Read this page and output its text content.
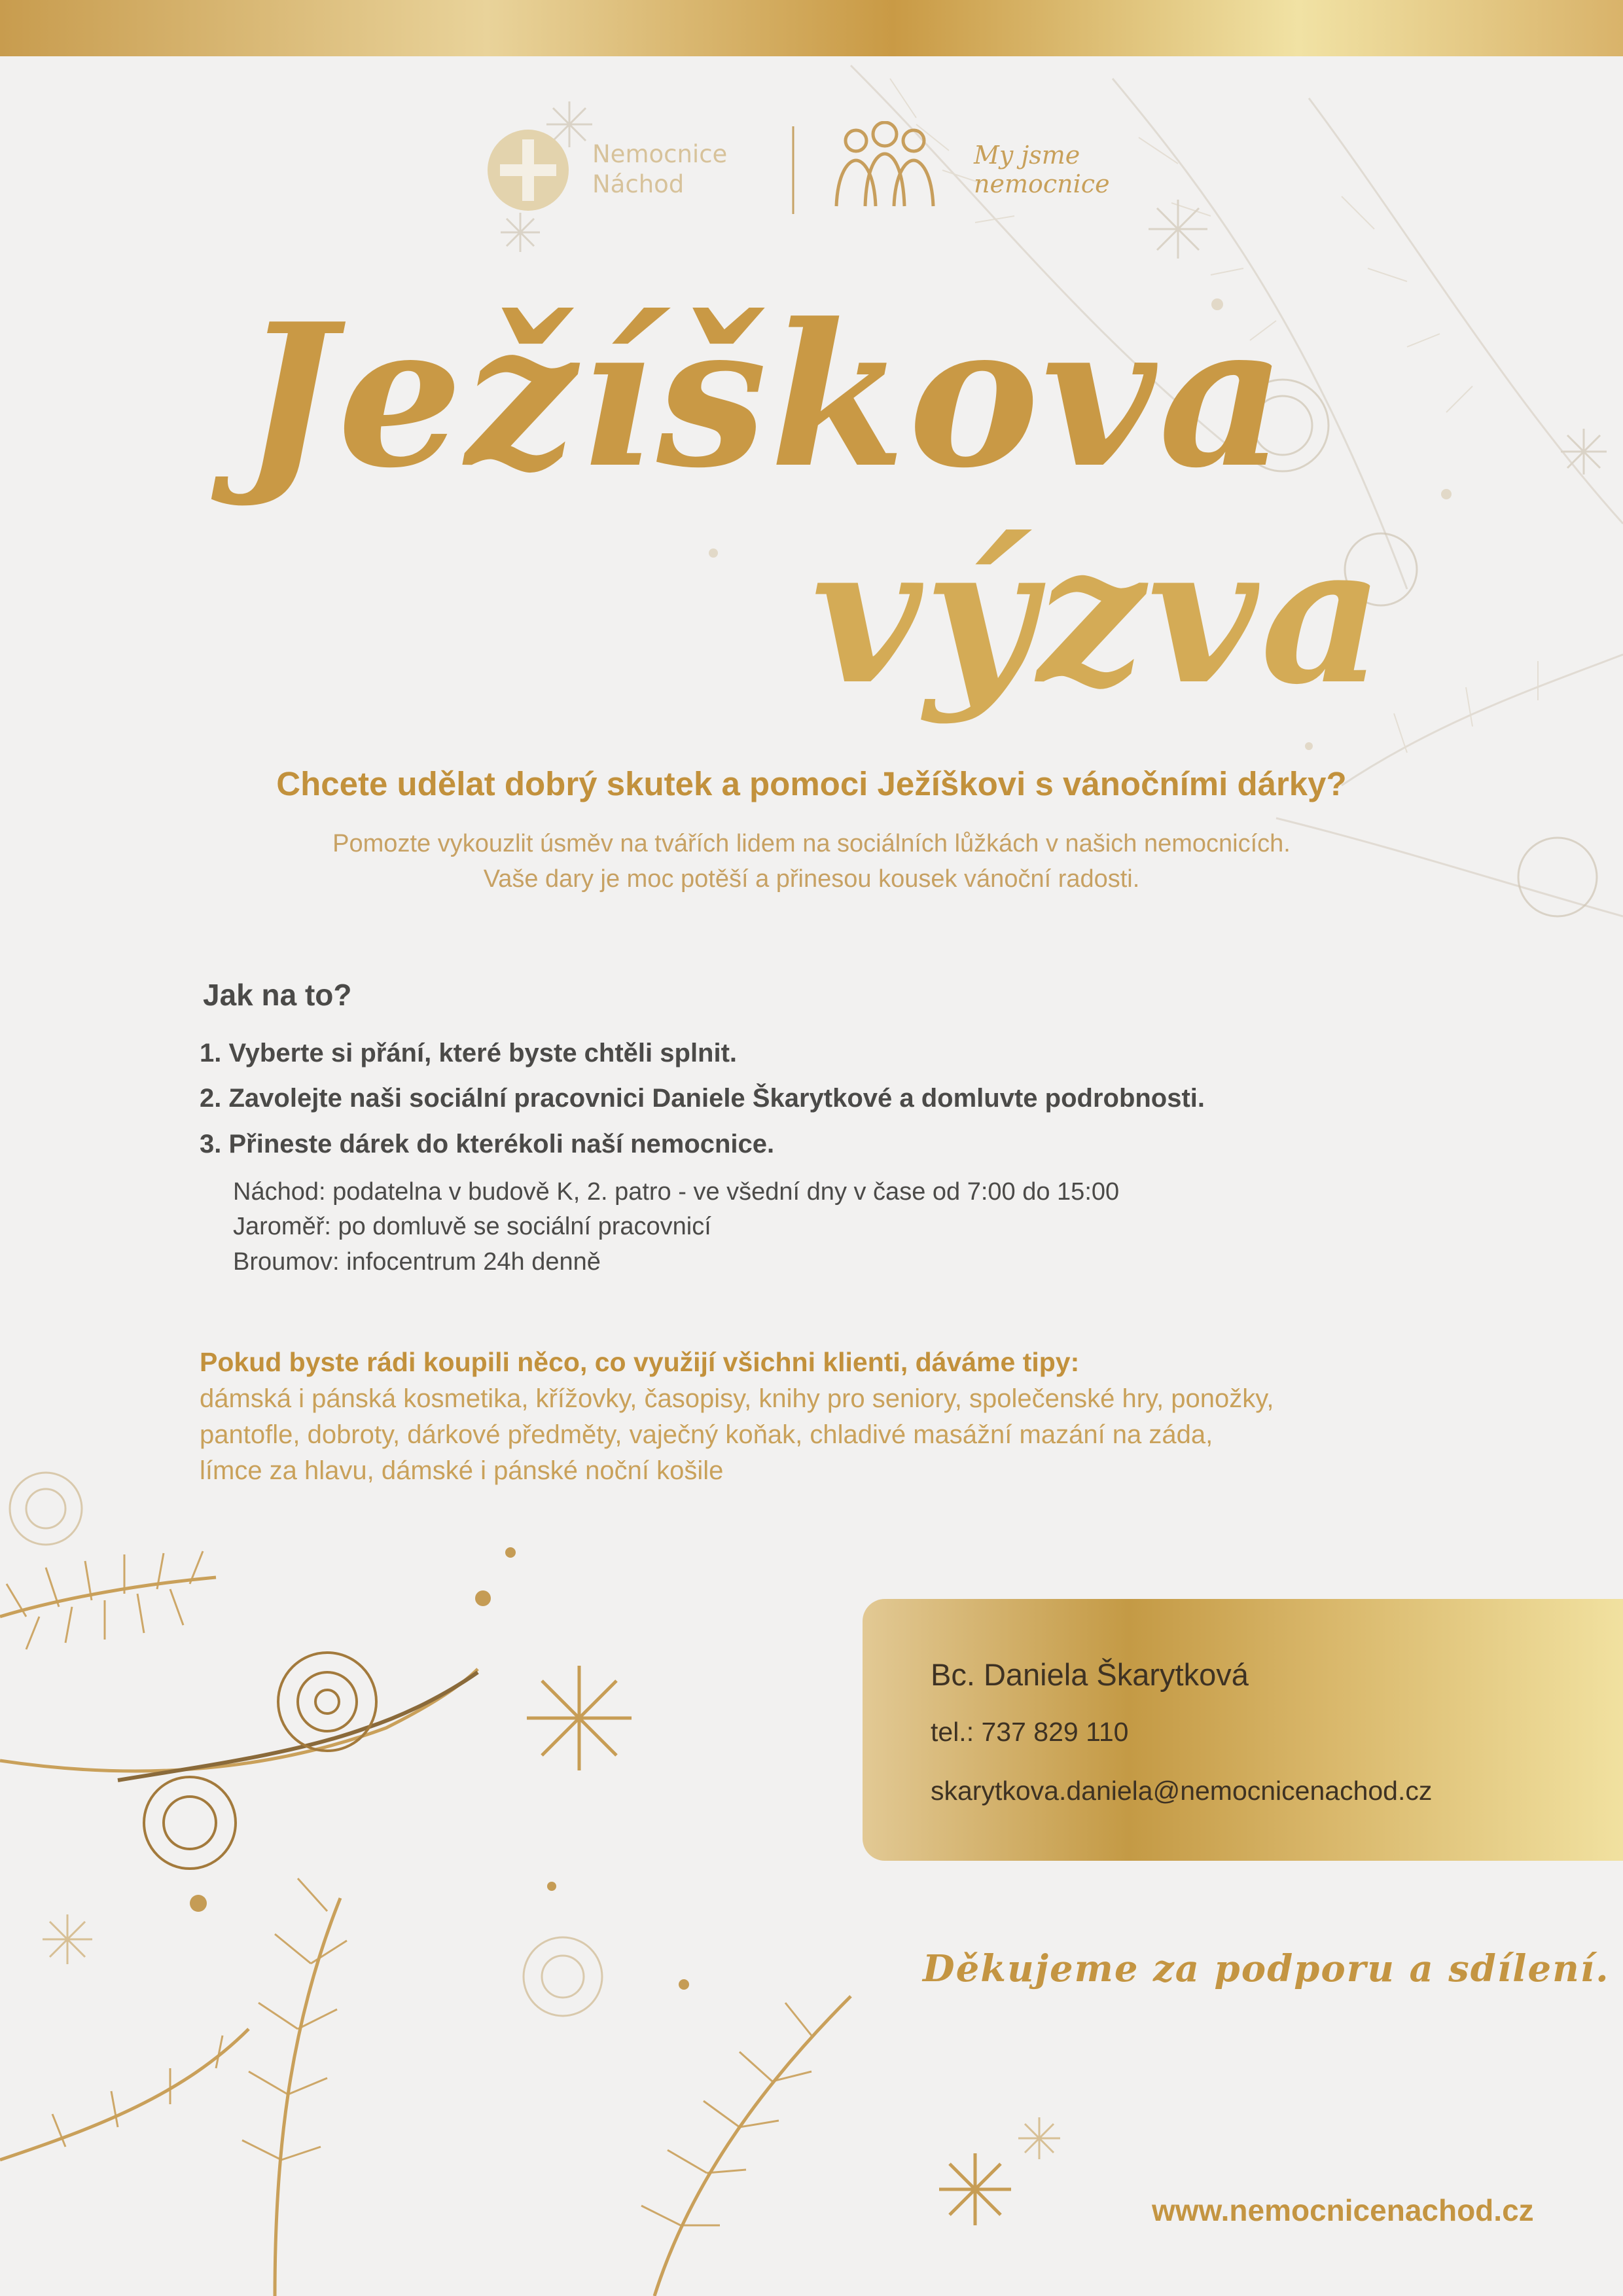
Nemocnice
Náchod
My jsme
nemocnice
Ježíškova
výzva
Chcete udělat dobrý skutek a pomoci Ježíškovi s vánočními dárky?
Pomozte vykouzlit úsměv na tvářích lidem na sociálních lůžkách v našich nemocnicích.
Vaše dary je moc potěší a přinesou kousek vánoční radosti.
Jak na to?
1. Vyberte si přání, které byste chtěli splnit.
2. Zavolejte naši sociální pracovnici Daniele Škarytkové a domluvte podrobnosti.
3. Přineste dárek do kterékoli naší nemocnice.
Náchod: podatelna v budově K, 2. patro - ve všední dny v čase od 7:00 do 15:00
Jaroměř: po domluvě se sociální pracovnicí
Broumov: infocentrum 24h denně
Pokud byste rádi koupili něco, co využijí všichni klienti, dáváme tipy:
dámská i pánská kosmetika, křížovky, časopisy, knihy pro seniory, společenské hry, ponožky,
pantofle, dobroty, dárkové předměty, vaječný koňak, chladivé masážní mazání na záda,
límce za hlavu, dámské i pánské noční košile
Bc. Daniela Škarytková
tel.: 737 829 110
skarytkova.daniela@nemocnicenachod.cz
Děkujeme za podporu a sdílení.
www.nemocnicenachod.cz
